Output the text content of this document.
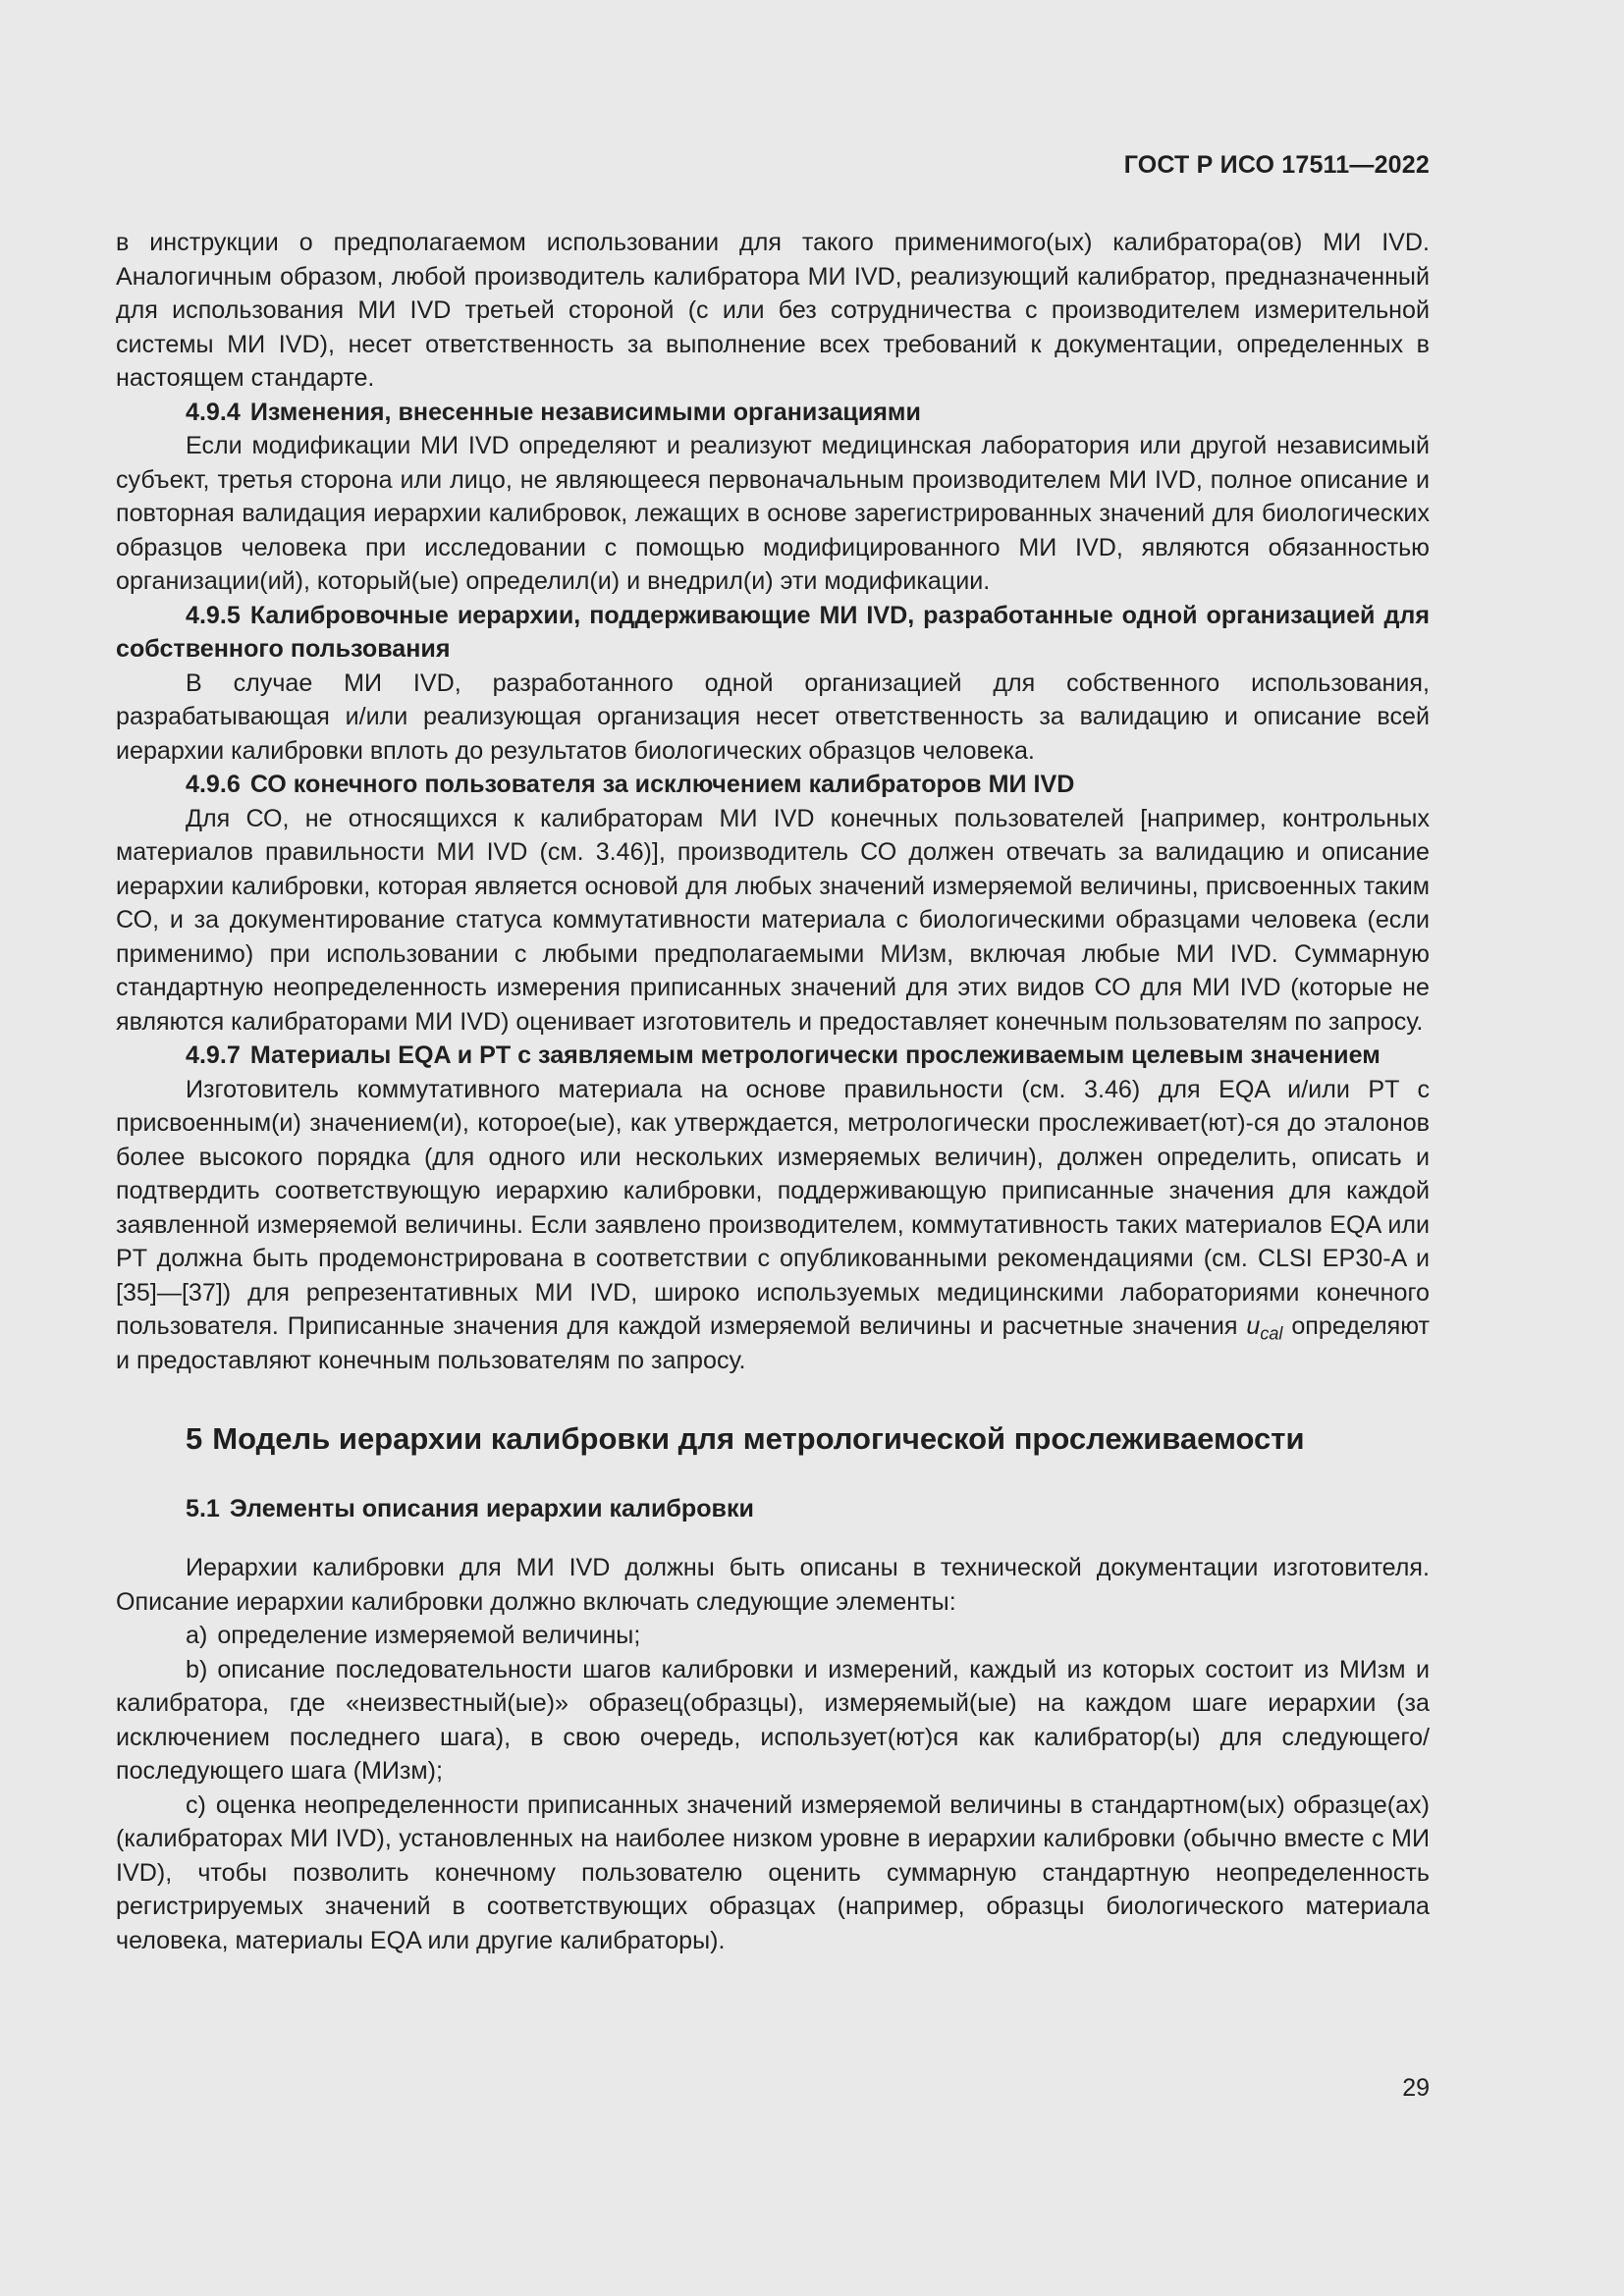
ГОСТ Р ИСО 17511—2022

в инструкции о предполагаемом использовании для такого применимого(ых) калибратора(ов) МИ IVD. Аналогичным образом, любой производитель калибратора МИ IVD, реализующий калибратор, предназначенный для использования МИ IVD третьей стороной (с или без сотрудничества с производителем измерительной системы МИ IVD), несет ответственность за выполнение всех требований к документации, определенных в настоящем стандарте.

4.9.4 Изменения, внесенные независимыми организациями

Если модификации МИ IVD определяют и реализуют медицинская лаборатория или другой независимый субъект, третья сторона или лицо, не являющееся первоначальным производителем МИ IVD, полное описание и повторная валидация иерархии калибровок, лежащих в основе зарегистрированных значений для биологических образцов человека при исследовании с помощью модифицированного МИ IVD, являются обязанностью организации(ий), который(ые) определил(и) и внедрил(и) эти модификации.

4.9.5 Калибровочные иерархии, поддерживающие МИ IVD, разработанные одной организацией для собственного пользования

В случае МИ IVD, разработанного одной организацией для собственного использования, разрабатывающая и/или реализующая организация несет ответственность за валидацию и описание всей иерархии калибровки вплоть до результатов биологических образцов человека.

4.9.6 СО конечного пользователя за исключением калибраторов МИ IVD

Для СО, не относящихся к калибраторам МИ IVD конечных пользователей [например, контрольных материалов правильности МИ IVD (см. 3.46)], производитель СО должен отвечать за валидацию и описание иерархии калибровки, которая является основой для любых значений измеряемой величины, присвоенных таким СО, и за документирование статуса коммутативности материала с биологическими образцами человека (если применимо) при использовании с любыми предполагаемыми МИзм, включая любые МИ IVD. Суммарную стандартную неопределенность измерения приписанных значений для этих видов СО для МИ IVD (которые не являются калибраторами МИ IVD) оценивает изготовитель и предоставляет конечным пользователям по запросу.

4.9.7 Материалы EQA и PT с заявляемым метрологически прослеживаемым целевым значением

Изготовитель коммутативного материала на основе правильности (см. 3.46) для EQA и/или PT с присвоенным(и) значением(и), котороe(ые), как утверждается, метрологически прослеживает(ют)-ся до эталонов более высокого порядка (для одного или нескольких измеряемых величин), должен определить, описать и подтвердить соответствующую иерархию калибровки, поддерживающую приписанные значения для каждой заявленной измеряемой величины. Если заявлено производителем, коммутативность таких материалов EQA или PT должна быть продемонстрирована в соответствии с опубликованными рекомендациями (см. CLSI EP30-A и [35]—[37]) для репрезентативных МИ IVD, широко используемых медицинскими лабораториями конечного пользователя. Приписанные значения для каждой измеряемой величины и расчетные значения $u_{cal}$ определяют и предоставляют конечным пользователям по запросу.

5 Модель иерархии калибровки для метрологической прослеживаемости

5.1 Элементы описания иерархии калибровки

Иерархии калибровки для МИ IVD должны быть описаны в технической документации изготовителя. Описание иерархии калибровки должно включать следующие элементы:

a) определение измеряемой величины;

b) описание последовательности шагов калибровки и измерений, каждый из которых состоит из МИзм и калибратора, где «неизвестный(ые)» образец(образцы), измеряемый(ые) на каждом шаге иерархии (за исключением последнего шага), в свою очередь, использует(ют)ся как калибратор(ы) для следующего/последующего шага (МИзм);

c) оценка неопределенности приписанных значений измеряемой величины в стандартном(ых) образце(ах) (калибраторах МИ IVD), установленных на наиболее низком уровне в иерархии калибровки (обычно вместе с МИ IVD), чтобы позволить конечному пользователю оценить суммарную стандартную неопределенность регистрируемых значений в соответствующих образцах (например, образцы биологического материала человека, материалы EQA или другие калибраторы).

29
